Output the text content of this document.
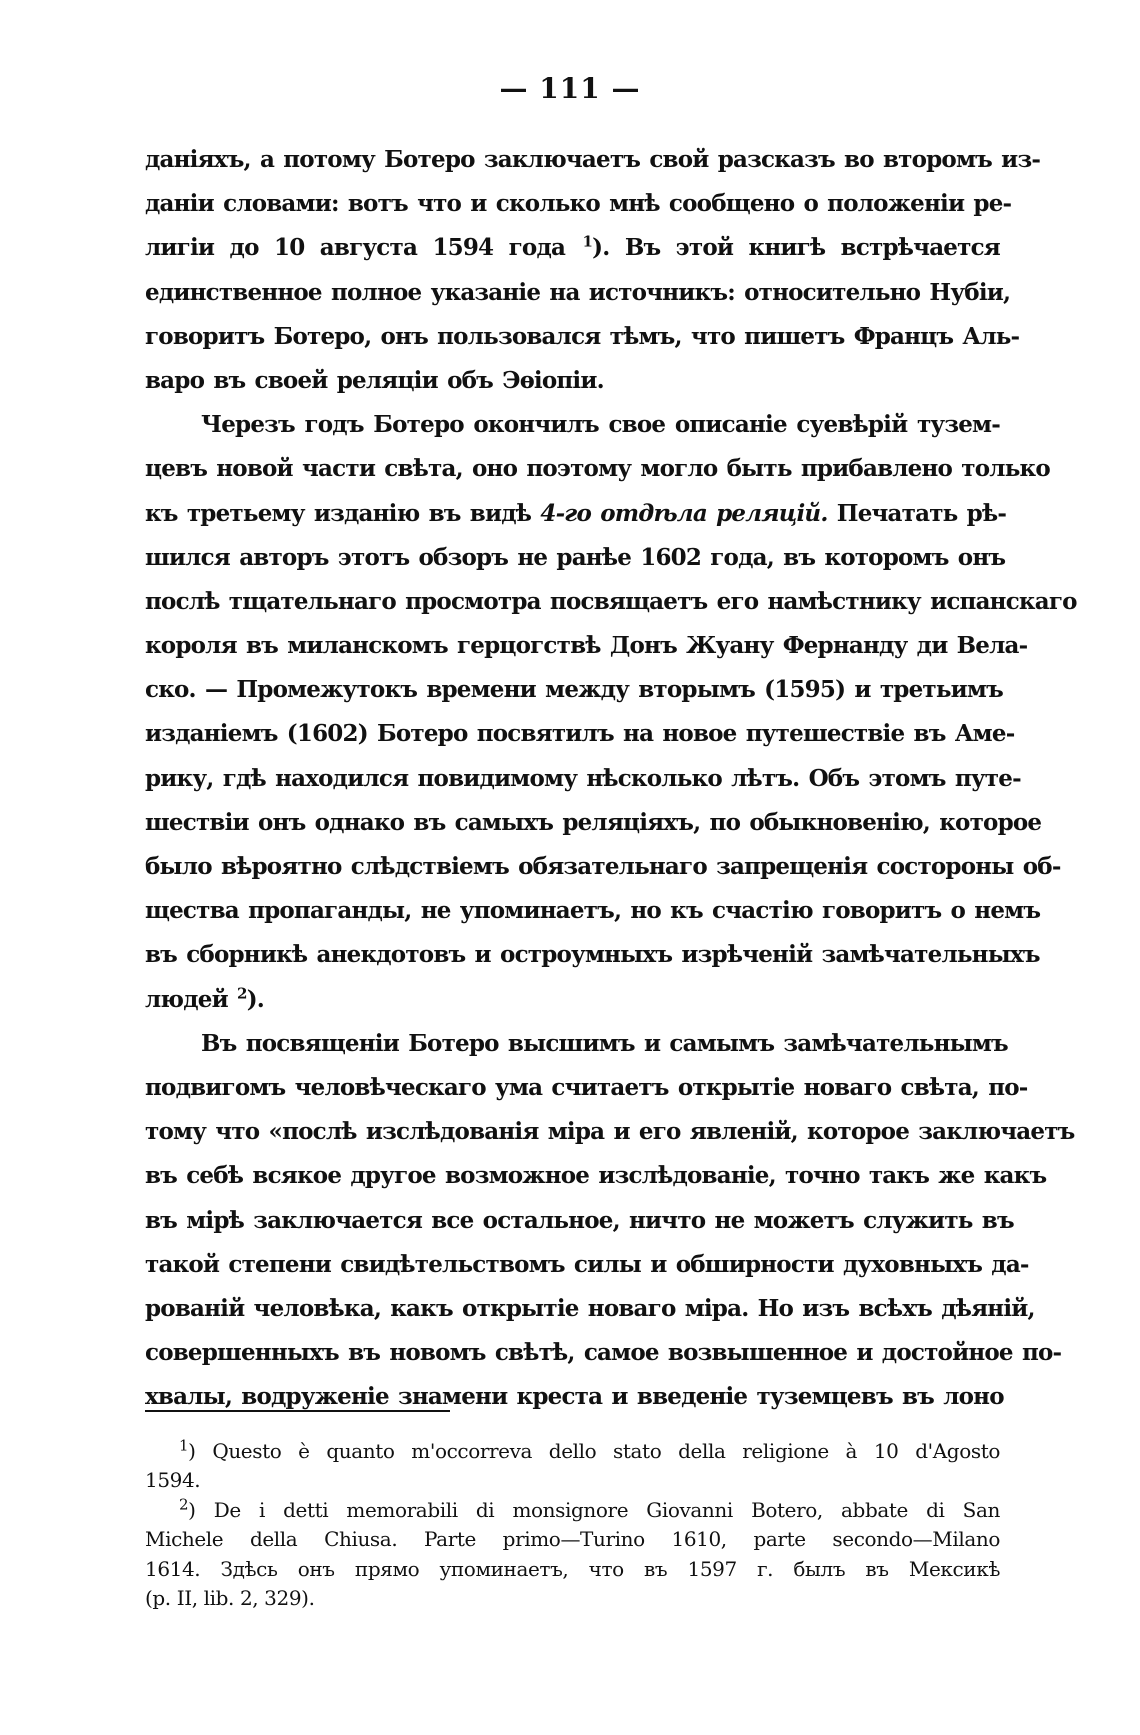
— 111 —
даніяхъ, а потому Ботеро заключаетъ свой разсказъ во второмъ из-
даніи словами: вотъ что и сколько мнѣ сообщено о положеніи ре-
лигіи до 10 августа 1594 года $^1$). Въ этой книгѣ встрѣчается
единственное полное указаніе на источникъ: относительно Нубіи,
говоритъ Ботеро, онъ пользовался тѣмъ, что пишетъ Францъ Аль-
варо въ своей реляціи объ Эѳіопіи.
Черезъ годъ Ботеро окончилъ свое описаніе суевѣрій тузем-
цевъ новой части свѣта, оно поэтому могло быть прибавлено только
къ третьему изданію въ видѣ 4-го отдѣла реляцій. Печатать рѣ-
шился авторъ этотъ обзоръ не ранѣе 1602 года, въ которомъ онъ
послѣ тщательнаго просмотра посвящаетъ его намѣстнику испанскаго
короля въ миланскомъ герцогствѣ Донъ Жуану Фернанду ди Вела-
ско. — Промежутокъ времени между вторымъ (1595) и третьимъ
изданіемъ (1602) Ботеро посвятилъ на новое путешествіе въ Аме-
рику, гдѣ находился повидимому нѣсколько лѣтъ. Объ этомъ путе-
шествіи онъ однако въ самыхъ реляціяхъ, по обыкновенію, которое
было вѣроятно слѣдствіемъ обязательнаго запрещенія состороны об-
щества пропаганды, не упоминаетъ, но къ счастію говоритъ о немъ
въ сборникѣ анекдотовъ и остроумныхъ изрѣченій замѣчательныхъ
людей $^2$).
Въ посвященіи Ботеро высшимъ и самымъ замѣчательнымъ
подвигомъ человѣческаго ума считаетъ открытіе новаго свѣта, по-
тому что «послѣ изслѣдованія міра и его явленій, которое заключаетъ
въ себѣ всякое другое возможное изслѣдованіе, точно такъ же какъ
въ мірѣ заключается все остальное, ничто не можетъ служить въ
такой степени свидѣтельствомъ силы и обширности духовныхъ да-
рованій человѣка, какъ открытіе новаго міра. Но изъ всѣхъ дѣяній,
совершенныхъ въ новомъ свѣтѣ, самое возвышенное и достойное по-
хвалы, водруженіе знамени креста и введеніе туземцевъ въ лоно
$^1$) Questo è quanto m'occorreva dello stato della religione à 10 d'Agosto
1594.
$^2$) De i detti memorabili di monsignore Giovanni Botero, abbate di San
Michele della Chiusa. Parte primo—Turino 1610, parte secondo—Milano
1614. Здѣсь онъ прямо упоминаетъ, что въ 1597 г. былъ въ Мексикѣ
(p. II, lib. 2, 329).
